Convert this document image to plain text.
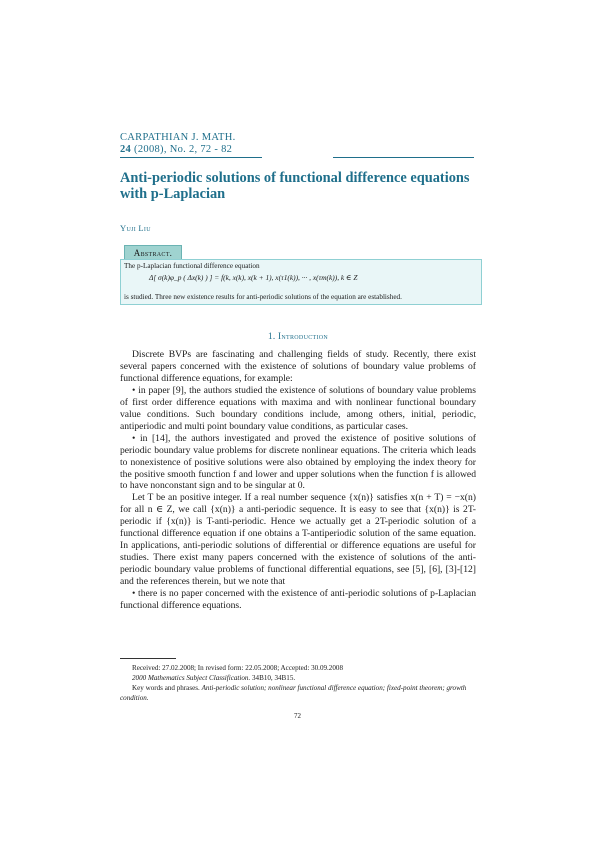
CARPATHIAN J. MATH.
24 (2008), No. 2, 72 - 82
Anti-periodic solutions of functional difference equations with p-Laplacian
Yuji Liu
Abstract.
The p-Laplacian functional difference equation
Δ[ σ(k)φ_p ( Δx(k) ) ] = f(k, x(k), x(k + 1), x(τ1(k)), ··· , x(τm(k)), k ∈ Z
is studied. Three new existence results for anti-periodic solutions of the equation are established.
1. Introduction

Discrete BVPs are fascinating and challenging fields of study. Recently, there exist several papers concerned with the existence of solutions of boundary value problems of functional difference equations, for example:

• in paper [9], the authors studied the existence of solutions of boundary value problems of first order difference equations with maxima and with nonlinear functional boundary value conditions. Such boundary conditions include, among others, initial, periodic, antiperiodic and multi point boundary value conditions, as particular cases.

• in [14], the authors investigated and proved the existence of positive solutions of periodic boundary value problems for discrete nonlinear equations. The criteria which leads to nonexistence of positive solutions were also obtained by employing the index theory for the positive smooth function f and lower and upper solutions when the function f is allowed to have nonconstant sign and to be singular at 0.

Let T be an positive integer. If a real number sequence {x(n)} satisfies x(n + T) = −x(n) for all n ∈ Z, we call {x(n)} a anti-periodic sequence. It is easy to see that {x(n)} is 2T-periodic if {x(n)} is T-anti-periodic. Hence we actually get a 2T-periodic solution of a functional difference equation if one obtains a T-antiperiodic solution of the same equation. In applications, anti-periodic solutions of differential or difference equations are useful for studies. There exist many papers concerned with the existence of solutions of the anti-periodic boundary value problems of functional differential equations, see [5], [6], [3]-[12] and the references therein, but we note that

• there is no paper concerned with the existence of anti-periodic solutions of p-Laplacian functional difference equations.

Received: 27.02.2008; In revised form: 22.05.2008; Accepted: 30.09.2008

2000 Mathematics Subject Classification. 34B10, 34B15.

Key words and phrases. Anti-periodic solution; nonlinear functional difference equation; fixed-point theorem; growth condition.

72
